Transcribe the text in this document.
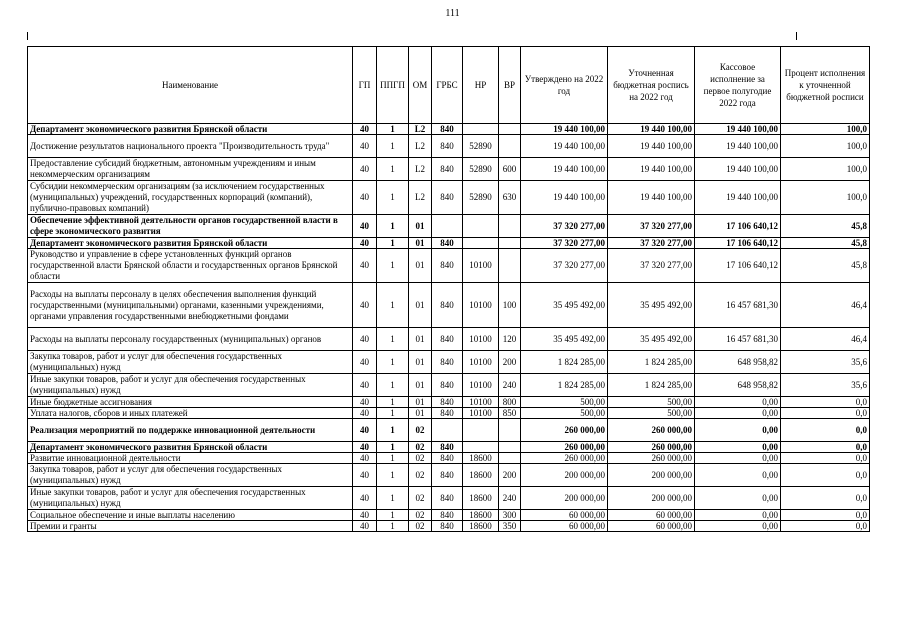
111
Наименование	ГП	ППГП	ОМ	ГРБС	НР	ВР	Утверждено на 2022 год	Уточненная бюджетная роспись на 2022 год	Кассовое исполнение за первое полугодие 2022 года	Процент исполнения к уточненной бюджетной росписи
Департамент экономического развития Брянской области	40	1	L2	840			19 440 100,00	19 440 100,00	19 440 100,00	100,0
Достижение результатов национального проекта "Производительность труда"	40	1	L2	840	52890		19 440 100,00	19 440 100,00	19 440 100,00	100,0
Предоставление субсидий бюджетным, автономным учреждениям и иным некоммерческим организациям	40	1	L2	840	52890	600	19 440 100,00	19 440 100,00	19 440 100,00	100,0
Субсидии некоммерческим организациям (за исключением государственных (муниципальных) учреждений, государственных корпораций (компаний), публично-правовых компаний)	40	1	L2	840	52890	630	19 440 100,00	19 440 100,00	19 440 100,00	100,0
Обеспечение эффективной деятельности органов государственной власти в сфере экономического развития	40	1	01				37 320 277,00	37 320 277,00	17 106 640,12	45,8
Департамент экономического развития Брянской области	40	1	01	840			37 320 277,00	37 320 277,00	17 106 640,12	45,8
Руководство и управление в сфере установленных функций органов государственной власти Брянской области и государственных органов Брянской области	40	1	01	840	10100		37 320 277,00	37 320 277,00	17 106 640,12	45,8
Расходы на выплаты персоналу в целях обеспечения выполнения функций государственными (муниципальными) органами, казенными учреждениями, органами управления государственными внебюджетными фондами	40	1	01	840	10100	100	35 495 492,00	35 495 492,00	16 457 681,30	46,4
Расходы на выплаты персоналу государственных (муниципальных) органов	40	1	01	840	10100	120	35 495 492,00	35 495 492,00	16 457 681,30	46,4
Закупка товаров, работ и услуг для обеспечения государственных (муниципальных) нужд	40	1	01	840	10100	200	1 824 285,00	1 824 285,00	648 958,82	35,6
Иные закупки товаров, работ и услуг для обеспечения государственных (муниципальных) нужд	40	1	01	840	10100	240	1 824 285,00	1 824 285,00	648 958,82	35,6
Иные бюджетные ассигнования	40	1	01	840	10100	800	500,00	500,00	0,00	0,0
Уплата налогов, сборов и иных платежей	40	1	01	840	10100	850	500,00	500,00	0,00	0,0
Реализация мероприятий по поддержке инновационной деятельности	40	1	02				260 000,00	260 000,00	0,00	0,0
Департамент экономического развития Брянской области	40	1	02	840			260 000,00	260 000,00	0,00	0,0
Развитие инновационной деятельности	40	1	02	840	18600		260 000,00	260 000,00	0,00	0,0
Закупка товаров, работ и услуг для обеспечения государственных (муниципальных) нужд	40	1	02	840	18600	200	200 000,00	200 000,00	0,00	0,0
Иные закупки товаров, работ и услуг для обеспечения государственных (муниципальных) нужд	40	1	02	840	18600	240	200 000,00	200 000,00	0,00	0,0
Социальное обеспечение и иные выплаты населению	40	1	02	840	18600	300	60 000,00	60 000,00	0,00	0,0
Премии и гранты	40	1	02	840	18600	350	60 000,00	60 000,00	0,00	0,0
